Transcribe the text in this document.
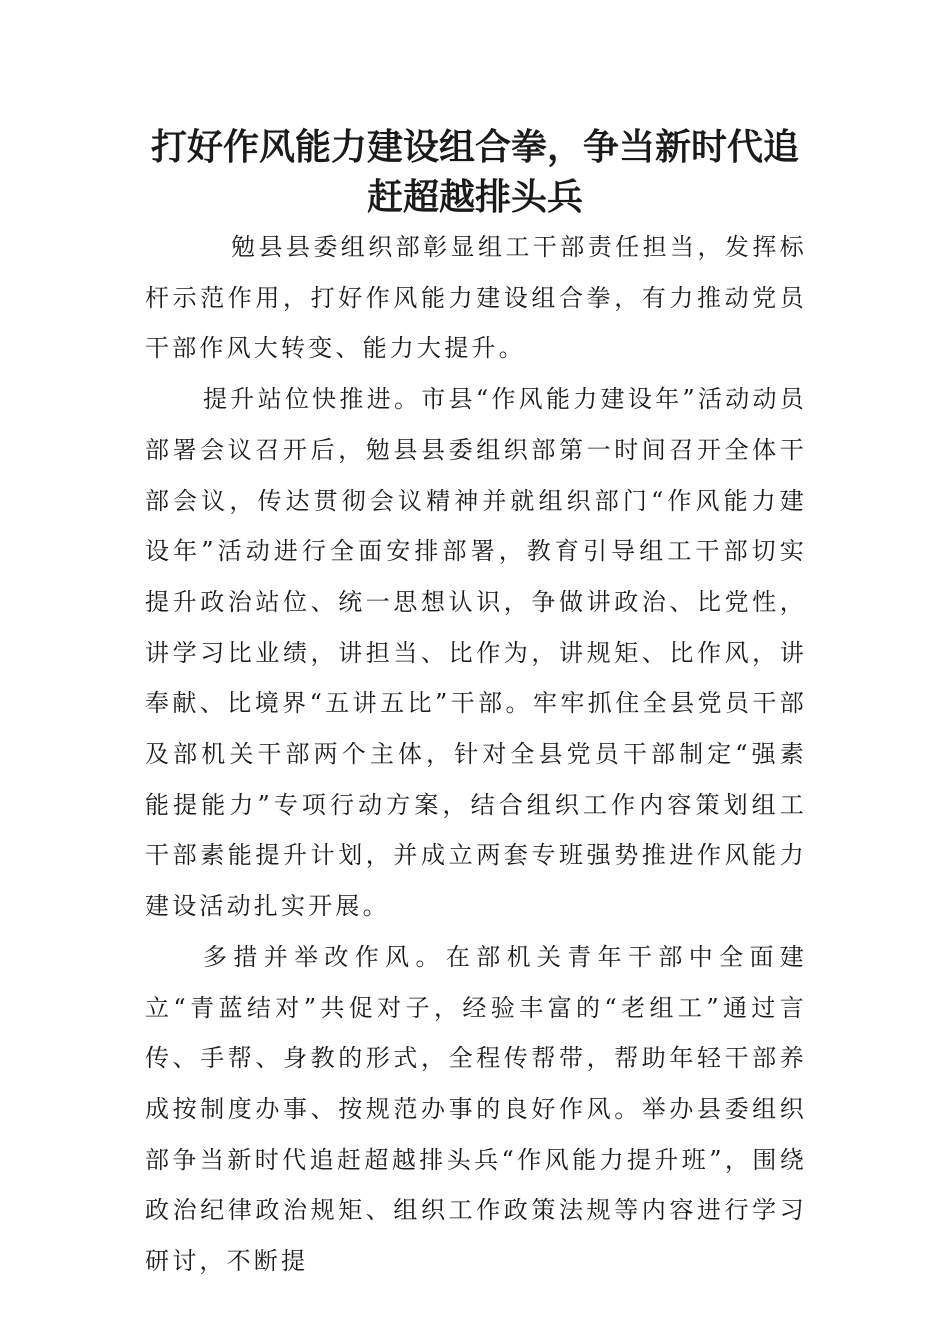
打好作风能力建设组合拳，争当新时代追赶超越排头兵

勉县县委组织部彰显组工干部责任担当，发挥标杆示范作用，打好作风能力建设组合拳，有力推动党员干部作风大转变、能力大提升。

提升站位快推进。市县“作风能力建设年”活动动员部署会议召开后，勉县县委组织部第一时间召开全体干部会议，传达贯彻会议精神并就组织部门“作风能力建设年”活动进行全面安排部署，教育引导组工干部切实提升政治站位、统一思想认识，争做讲政治、比党性，讲学习比业绩，讲担当、比作为，讲规矩、比作风，讲奉献、比境界“五讲五比”干部。牢牢抓住全县党员干部及部机关干部两个主体，针对全县党员干部制定“强素能提能力”专项行动方案，结合组织工作内容策划组工干部素能提升计划，并成立两套专班强势推进作风能力建设活动扎实开展。

多措并举改作风。在部机关青年干部中全面建立“青蓝结对”共促对子，经验丰富的“老组工”通过言传、手帮、身教的形式，全程传帮带，帮助年轻干部养成按制度办事、按规范办事的良好作风。举办县委组织部争当新时代追赶超越排头兵“作风能力提升班”，围绕政治纪律政治规矩、组织工作政策法规等内容进行学习研讨，不断提
